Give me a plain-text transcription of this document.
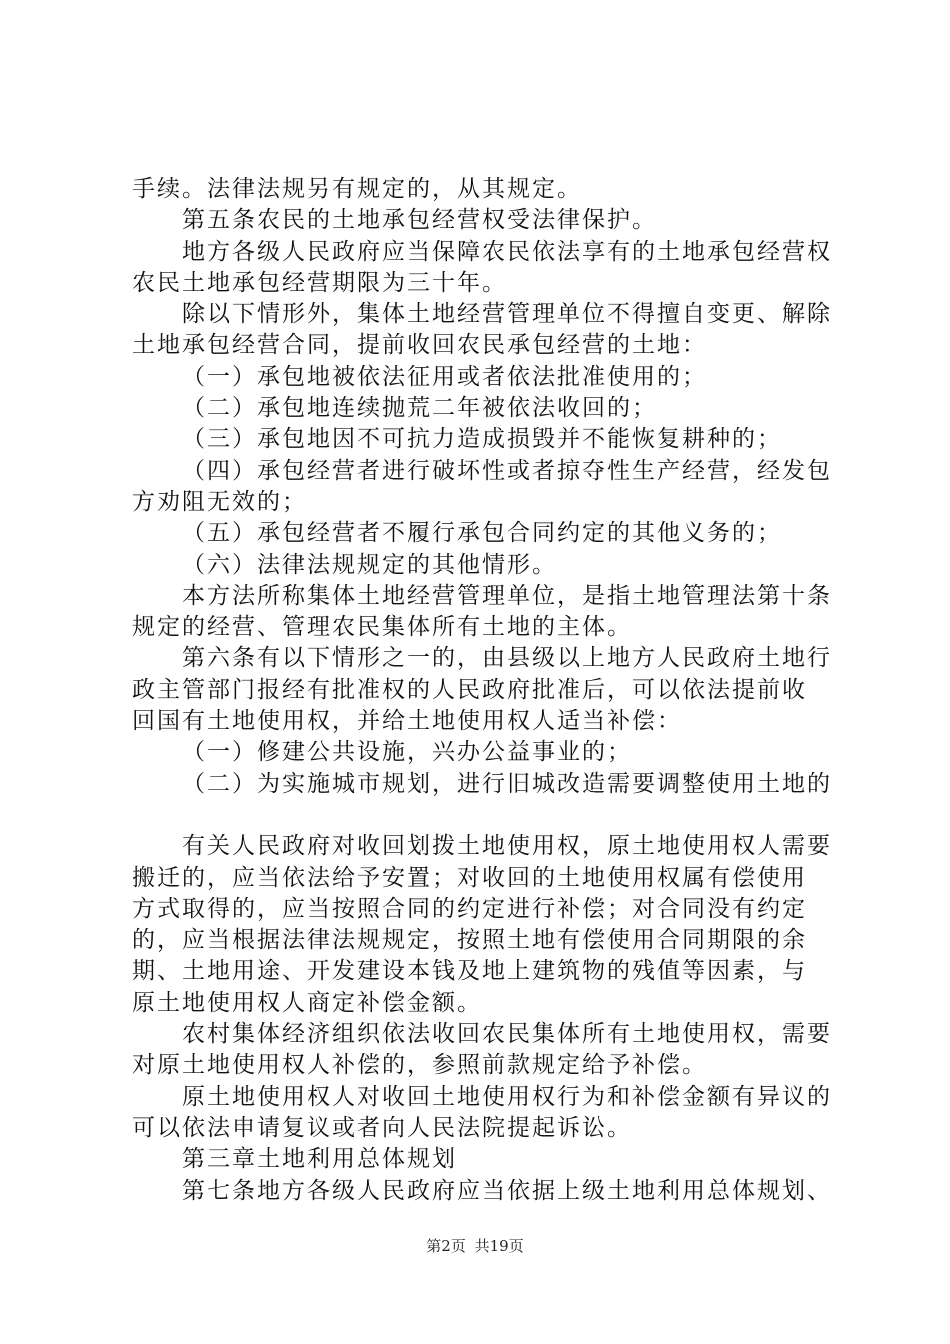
手续。法律法规另有规定的，从其规定。
第五条农民的土地承包经营权受法律保护。
地方各级人民政府应当保障农民依法享有的土地承包经营权
农民土地承包经营期限为三十年。
除以下情形外，集体土地经营管理单位不得擅自变更、解除
土地承包经营合同，提前收回农民承包经营的土地：
（一）承包地被依法征用或者依法批准使用的；
（二）承包地连续抛荒二年被依法收回的；
（三）承包地因不可抗力造成损毁并不能恢复耕种的；
（四）承包经营者进行破坏性或者掠夺性生产经营，经发包
方劝阻无效的；
（五）承包经营者不履行承包合同约定的其他义务的；
（六）法律法规规定的其他情形。
本方法所称集体土地经营管理单位，是指土地管理法第十条
规定的经营、管理农民集体所有土地的主体。
第六条有以下情形之一的，由县级以上地方人民政府土地行
政主管部门报经有批准权的人民政府批准后，可以依法提前收
回国有土地使用权，并给土地使用权人适当补偿：
（一）修建公共设施，兴办公益事业的；
（二）为实施城市规划，进行旧城改造需要调整使用土地的
有关人民政府对收回划拨土地使用权，原土地使用权人需要
搬迁的，应当依法给予安置；对收回的土地使用权属有偿使用
方式取得的，应当按照合同的约定进行补偿；对合同没有约定
的，应当根据法律法规规定，按照土地有偿使用合同期限的余
期、土地用途、开发建设本钱及地上建筑物的残值等因素，与
原土地使用权人商定补偿金额。
农村集体经济组织依法收回农民集体所有土地使用权，需要
对原土地使用权人补偿的，参照前款规定给予补偿。
原土地使用权人对收回土地使用权行为和补偿金额有异议的
可以依法申请复议或者向人民法院提起诉讼。
第三章土地利用总体规划
第七条地方各级人民政府应当依据上级土地利用总体规划、
第2页 共19页
